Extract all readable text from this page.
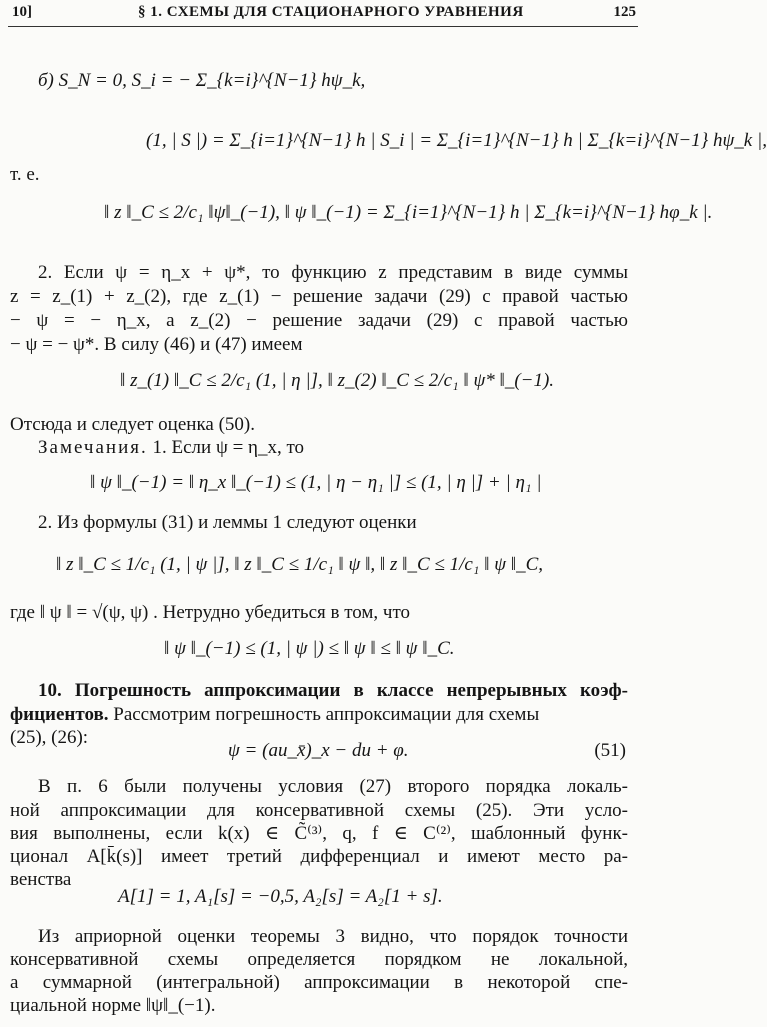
10]	§ 1. СХЕМЫ ДЛЯ СТАЦИОНАРНОГО УРАВНЕНИЯ	125
б) S_N = 0, S_i = − Σ_{k=i}^{N−1} hψ_k,
(1, | S |) = Σ_{i=1}^{N−1} h | S_i | = Σ_{i=1}^{N−1} h | Σ_{k=i}^{N−1} hψ_k |,
т. е.
‖ z ‖_C ≤ 2/c₁ ‖ψ‖_(−1), ‖ ψ ‖_(−1) = Σ_{i=1}^{N−1} h | Σ_{k=i}^{N−1} hφ_k |.
2. Если ψ = η_x + ψ*, то функцию z представим в виде суммы
z = z_(1) + z_(2), где z_(1) − решение задачи (29) с правой частью
− ψ = − η_x, а z_(2) − решение задачи (29) с правой частью
− ψ = − ψ*. В силу (46) и (47) имеем
‖ z_(1) ‖_C ≤ 2/c₁ (1, | η |], ‖ z_(2) ‖_C ≤ 2/c₁ ‖ ψ* ‖_(−1).
Отсюда и следует оценка (50).
Замечания. 1. Если ψ = η_x, то
‖ ψ ‖_(−1) = ‖ η_x ‖_(−1) ≤ (1, | η − η₁ |] ≤ (1, | η |] + | η₁ |
2. Из формулы (31) и леммы 1 следуют оценки
‖ z ‖_C ≤ 1/c₁ (1, | ψ |], ‖ z ‖_C ≤ 1/c₁ ‖ ψ ‖, ‖ z ‖_C ≤ 1/c₁ ‖ ψ ‖_C,
где ‖ ψ ‖ = √(ψ, ψ) . Нетрудно убедиться в том, что
‖ ψ ‖_(−1) ≤ (1, | ψ |) ≤ ‖ ψ ‖ ≤ ‖ ψ ‖_C.
10. Погрешность аппроксимации в классе непрерывных коэф-
фициентов. Рассмотрим погрешность аппроксимации для схемы
(25), (26):
ψ = (au_x̄)_x − du + φ.	(51)
В п. 6 были получены условия (27) второго порядка локаль-
ной аппроксимации для консервативной схемы (25). Эти усло-
вия выполнены, если k(x) ∈ C̃⁽³⁾, q, f ∈ C⁽²⁾, шаблонный функ-
ционал A[k̄(s)] имеет третий дифференциал и имеют место ра-
венства
A[1] = 1, A₁[s] = −0,5, A₂[s] = A₂[1 + s].
Из априорной оценки теоремы 3 видно, что порядок точности
консервативной схемы определяется порядком не локальной,
а суммарной (интегральной) аппроксимации в некоторой спе-
циальной норме ‖ψ‖_(−1).
